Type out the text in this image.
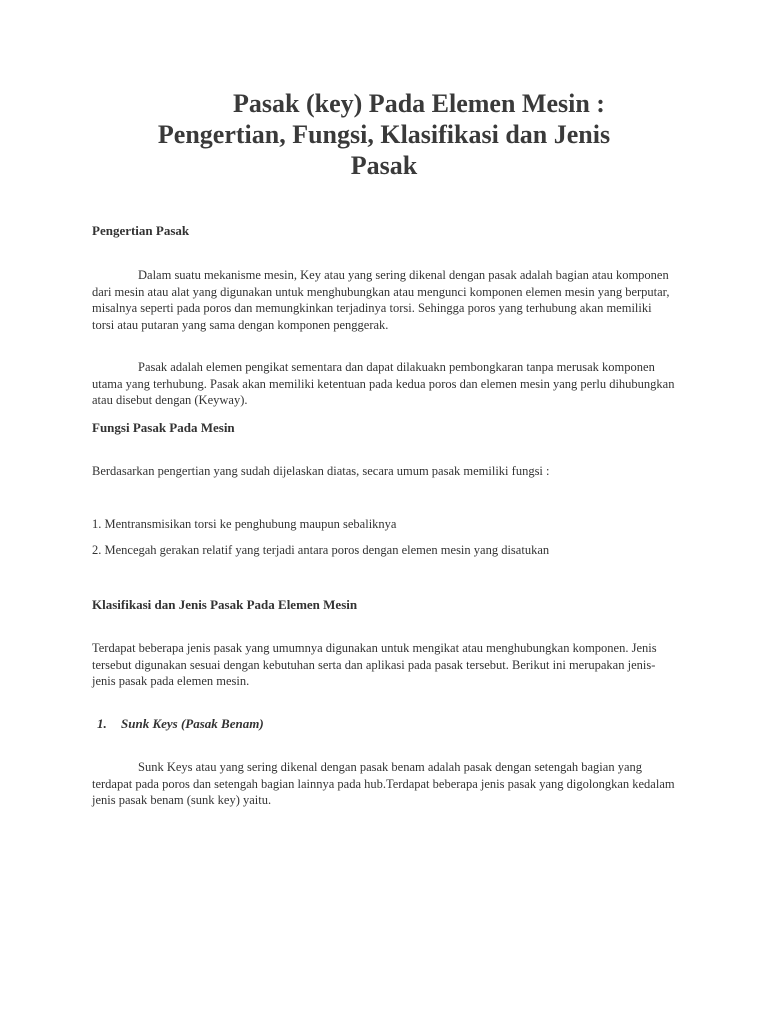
Pasak (key) Pada Elemen Mesin :
Pengertian, Fungsi, Klasifikasi dan Jenis
Pasak
Pengertian Pasak

Dalam suatu mekanisme mesin, Key atau yang sering dikenal dengan pasak adalah bagian atau komponen dari mesin atau alat yang digunakan untuk menghubungkan atau mengunci komponen elemen mesin yang berputar, misalnya seperti pada poros dan memungkinkan terjadinya torsi. Sehingga poros yang terhubung akan memiliki torsi atau putaran yang sama dengan komponen penggerak.

Pasak adalah elemen pengikat sementara dan dapat dilakuakn pembongkaran tanpa merusak komponen utama yang terhubung. Pasak akan memiliki ketentuan pada kedua poros dan elemen mesin yang perlu dihubungkan atau disebut dengan (Keyway).

Fungsi Pasak Pada Mesin

Berdasarkan pengertian yang sudah dijelaskan diatas, secara umum pasak memiliki fungsi :

1. Mentransmisikan torsi ke penghubung maupun sebaliknya

2. Mencegah gerakan relatif yang terjadi antara poros dengan elemen mesin yang disatukan

Klasifikasi dan Jenis Pasak Pada Elemen Mesin

Terdapat beberapa jenis pasak yang umumnya digunakan untuk mengikat atau menghubungkan komponen. Jenis tersebut digunakan sesuai dengan kebutuhan serta dan aplikasi pada pasak tersebut. Berikut ini merupakan jenis-jenis pasak pada elemen mesin.

1. Sunk Keys (Pasak Benam)

Sunk Keys atau yang sering dikenal dengan pasak benam adalah pasak dengan setengah bagian yang terdapat pada poros dan setengah bagian lainnya pada hub.Terdapat beberapa jenis pasak yang digolongkan kedalam jenis pasak benam (sunk key) yaitu.
